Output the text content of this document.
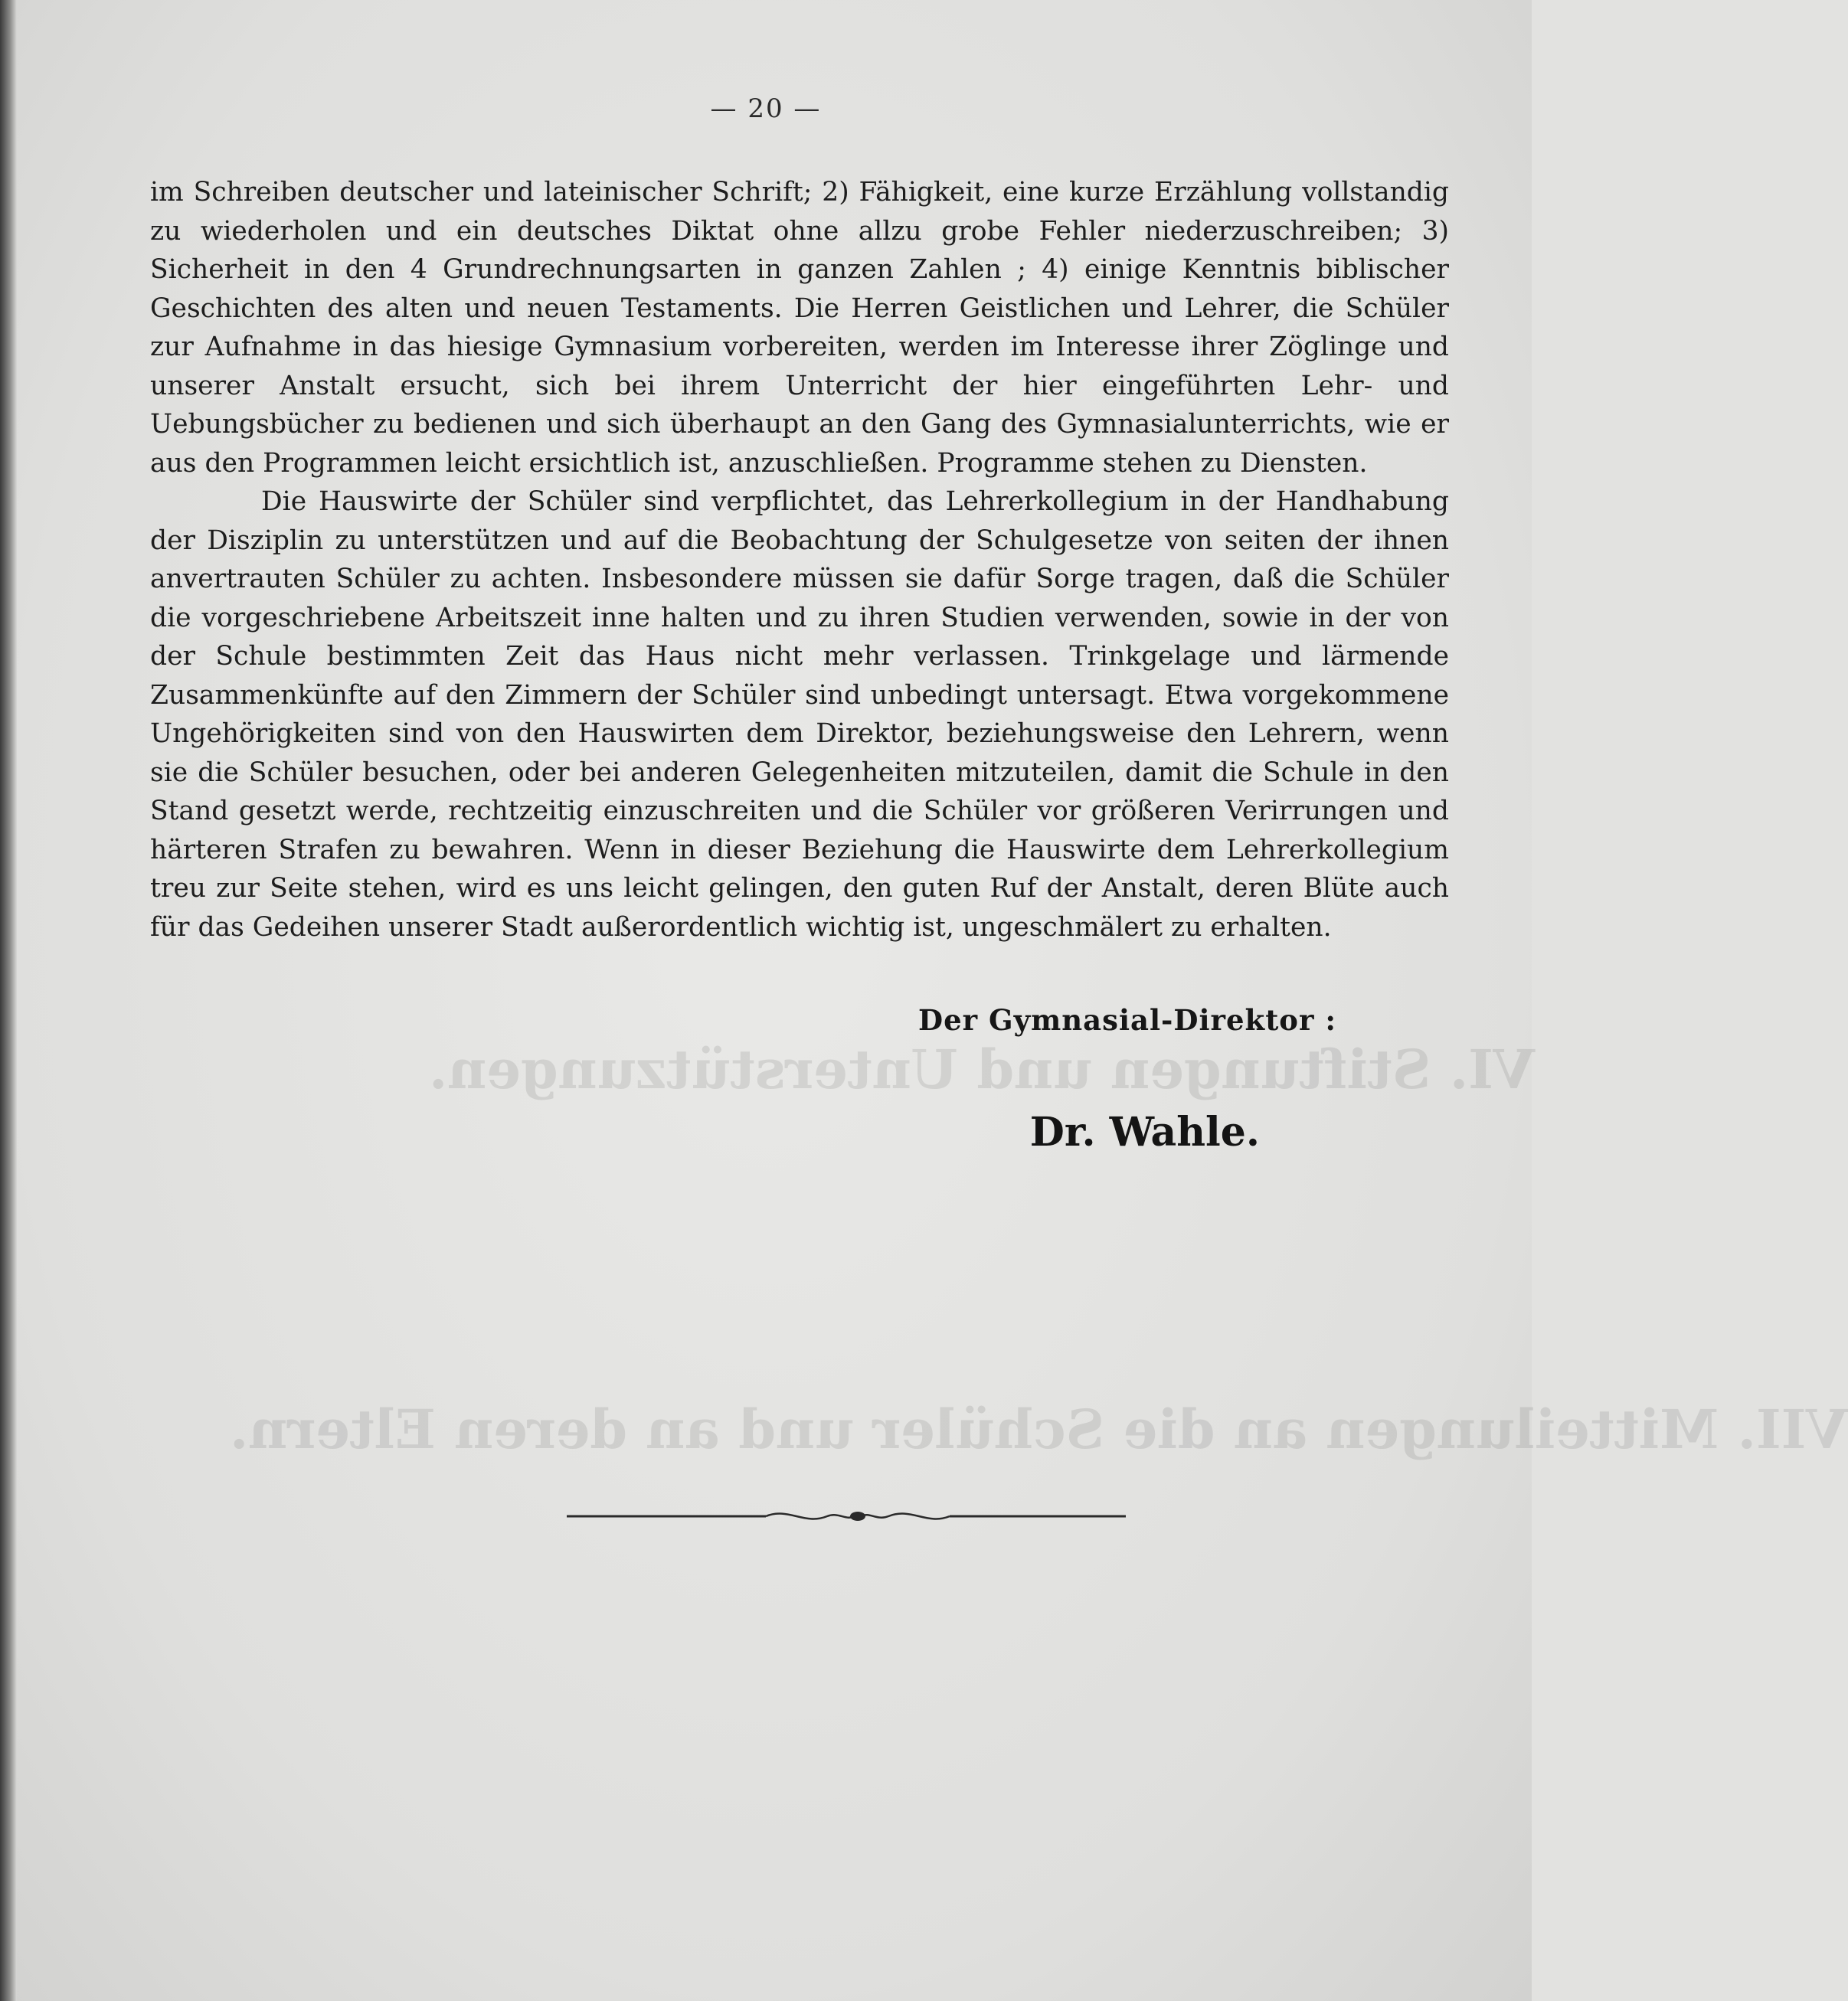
VI. Stiftungen und Unterstützungen.
VII. Mitteilungen an die Schüler und an deren Eltern.
— 20 —

im Schreiben deutscher und lateinischer Schrift; 2) Fähigkeit, eine kurze Erzählung vollstandig zu wiederholen und ein deutsches Diktat ohne allzu grobe Fehler niederzuschreiben; 3) Sicherheit in den 4 Grundrechnungsarten in ganzen Zahlen ; 4) einige Kenntnis biblischer Geschichten des alten und neuen Testaments. Die Herren Geistlichen und Lehrer, die Schüler zur Aufnahme in das hiesige Gymnasium vorbereiten, werden im Interesse ihrer Zöglinge und unserer Anstalt ersucht, sich bei ihrem Unterricht der hier eingeführten Lehr- und Uebungsbücher zu bedienen und sich überhaupt an den Gang des Gymnasialunterrichts, wie er aus den Programmen leicht ersichtlich ist, anzuschließen. Programme stehen zu Diensten.

Die Hauswirte der Schüler sind verpflichtet, das Lehrerkollegium in der Handhabung der Disziplin zu unterstützen und auf die Beobachtung der Schulgesetze von seiten der ihnen anvertrauten Schüler zu achten. Insbesondere müssen sie dafür Sorge tragen, daß die Schüler die vorgeschriebene Arbeitszeit inne halten und zu ihren Studien verwenden, sowie in der von der Schule bestimmten Zeit das Haus nicht mehr verlassen. Trinkgelage und lärmende Zusammenkünfte auf den Zimmern der Schüler sind unbedingt untersagt. Etwa vorgekommene Ungehörigkeiten sind von den Hauswirten dem Direktor, beziehungsweise den Lehrern, wenn sie die Schüler besuchen, oder bei anderen Gelegenheiten mitzuteilen, damit die Schule in den Stand gesetzt werde, rechtzeitig einzuschreiten und die Schüler vor größeren Verirrungen und härteren Strafen zu bewahren. Wenn in dieser Beziehung die Hauswirte dem Lehrerkollegium treu zur Seite stehen, wird es uns leicht gelingen, den guten Ruf der Anstalt, deren Blüte auch für das Gedeihen unserer Stadt außerordentlich wichtig ist, ungeschmälert zu erhalten.

Der Gymnasial-Direktor :
Dr. Wahle.
